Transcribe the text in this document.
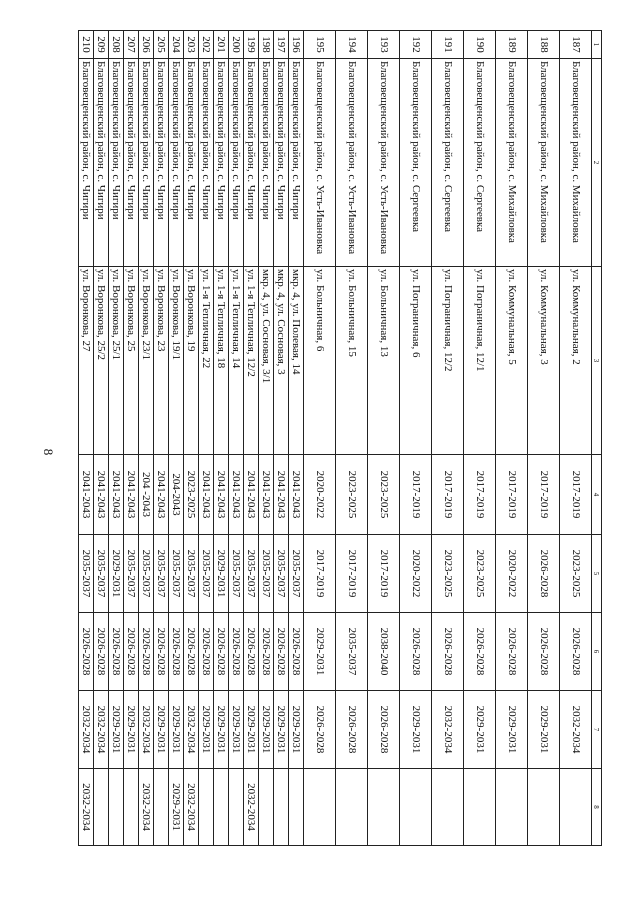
8
1	2	3	4	5	6	7	8
187	Благовещенский район, с. Михайловка	ул. Коммунальная, 2	2017-2019	2023-2025	2026-2028	2032-2034	
188	Благовещенский район, с. Михайловка	ул. Коммунальная, 3	2017-2019	2026-2028	2026-2028	2029-2031	
189	Благовещенский район, с. Михайловка	ул. Коммунальная, 5	2017-2019	2020-2022	2026-2028	2029-2031	
190	Благовещенский район, с. Сергеевка	ул. Пограничная, 12/1	2017-2019	2023-2025	2026-2028	2029-2031	
191	Благовещенский район, с. Сергеевка	ул. Пограничная, 12/2	2017-2019	2023-2025	2026-2028	2032-2034	
192	Благовещенский район, с. Сергеевка	ул. Пограничная, 6	2017-2019	2020-2022	2026-2028	2029-2031	
193	Благовещенский район, с. Усть-Ивановка	ул. Больничная, 13	2023-2025	2017-2019	2038-2040	2026-2028	
194	Благовещенский район, с. Усть-Ивановка	ул. Больничная, 15	2023-2025	2017-2019	2035-2037	2026-2028	
195	Благовещенский район, с. Усть-Ивановка	ул. Больничная, 6	2020-2022	2017-2019	2029-2031	2026-2028	
196	Благовещенский район, с. Чигири	мкр. 4, ул. Полевая, 14	2041-2043	2035-2037	2026-2028	2029-2031	
197	Благовещенский район, с. Чигири	мкр. 4, ул. Сосновая, 3	2041-2043	2035-2037	2026-2028	2029-2031	
198	Благовещенский район, с. Чигири	мкр. 4, ул. Сосновая, 3/1	2041-2043	2035-2037	2026-2028	2029-2031	
199	Благовещенский район, с. Чигири	ул. 1-я Тепличная, 12/2	2041-2043	2035-2037	2026-2028	2029-2031	2032-2034
200	Благовещенский район, с. Чигири	ул. 1-я Тепличная, 14	2041-2043	2035-2037	2026-2028	2029-2031	
201	Благовещенский район, с. Чигири	ул. 1-я Тепличная, 18	2041-2043	2029-2031	2026-2028	2029-2031	
202	Благовещенский район, с. Чигири	ул. 1-я Тепличная, 22	2041-2043	2035-2037	2026-2028	2029-2031	
203	Благовещенский район, с. Чигири	ул. Воронкова, 19	2023-2025	2035-2037	2026-2028	2032-2034	2032-2034
204	Благовещенский район, с. Чигири	ул. Воронкова, 19/1	204-2043	2035-2037	2026-2028	2029-2031	2029-2031
205	Благовещенский район, с. Чигири	ул. Воронкова, 23	2041-2043	2035-2037	2026-2028	2029-2031	
206	Благовещенский район, с. Чигири	ул. Воронкова, 23/1	204 -2043	2035-2037	2026-2028	2032-2034	2032-2034
207	Благовещенский район, с. Чигири	ул. Воронкова, 25	2041-2043	2035-2037	2026-2028	2029-2031	
208	Благовещенский район, с. Чигири	ул. Воронкова, 25/1	2041-2043	2029-2031	2026-2028	2029-2031	
209	Благовещенский район, с. Чигири	ул. Воронкова, 25/2	2041-2043	2035-2037	2026-2028	2032-2034	
210	Благовещенский район, с. Чигири	ул. Воронкова, 27	2041-2043	2035-2037	2026-2028	2032-2034	2032-2034
